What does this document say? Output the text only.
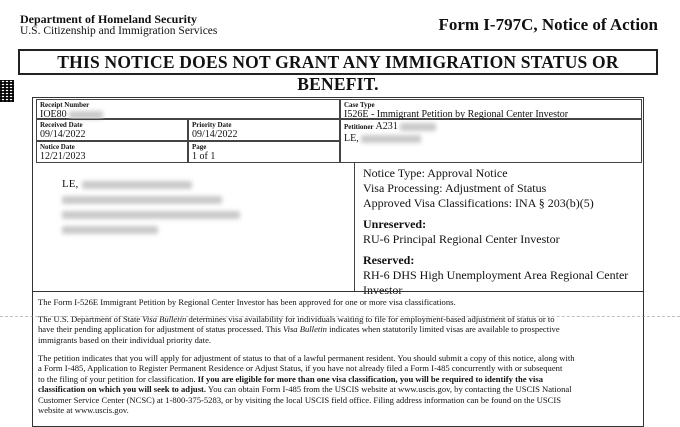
Department of Homeland Security
U.S. Citizenship and Immigration Services	Form I-797C, Notice of Action
THIS NOTICE DOES NOT GRANT ANY IMMIGRATION STATUS OR BENEFIT.
Receipt Number
IOE80
Received Date
09/14/2022
Priority Date
09/14/2022
Notice Date
12/21/2023
Page
1 of 1
Case Type
I526E - Immigrant Petition by Regional Center Investor
Petitioner A231
LE,
LE,
Notice Type: Approval Notice
Visa Processing: Adjustment of Status
Approved Visa Classifications: INA § 203(b)(5)
Unreserved:
RU-6 Principal Regional Center Investor
Reserved:
RH-6 DHS High Unemployment Area Regional Center
Investor
The Form I-526E Immigrant Petition by Regional Center Investor has been approved for one or more visa classifications.
The U.S. Department of State Visa Bulletin determines visa availability for individuals waiting to file for employment-based adjustment of status or to
have their pending application for adjustment of status processed. This Visa Bulletin indicates when statutorily limited visas are available to prospective
immigrants based on their individual priority date.
The petition indicates that you will apply for adjustment of status to that of a lawful permanent resident. You should submit a copy of this notice, along with
a Form I-485, Application to Register Permanent Residence or Adjust Status, if you have not already filed a Form I-485 concurrently with or subsequent
to the filing of your petition for classification. If you are eligible for more than one visa classification, you will be required to identify the visa
classification on which you will seek to adjust. You can obtain Form I-485 from the USCIS website at www.uscis.gov, by contacting the USCIS National
Customer Service Center (NCSC) at 1-800-375-5283, or by visiting the local USCIS field office. Filing address information can be found on the USCIS
website at www.uscis.gov.
